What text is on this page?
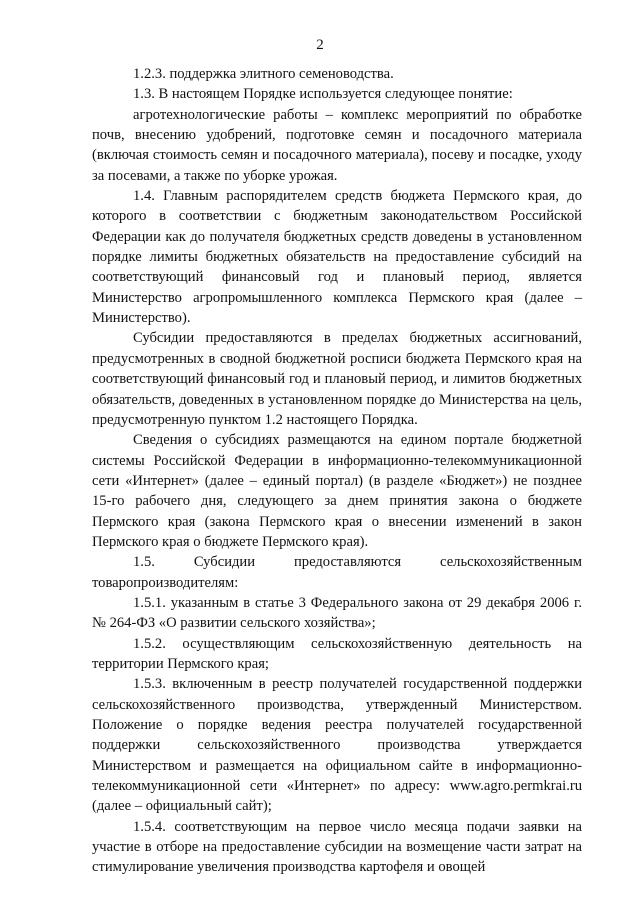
2

1.2.3. поддержка элитного семеноводства.

1.3. В настоящем Порядке используется следующее понятие:

агротехнологические работы – комплекс мероприятий по обработке почв, внесению удобрений, подготовке семян и посадочного материала (включая стоимость семян и посадочного материала), посеву и посадке, уходу за посевами, а также по уборке урожая.

1.4. Главным распорядителем средств бюджета Пермского края, до которого в соответствии с бюджетным законодательством Российской Федерации как до получателя бюджетных средств доведены в установленном порядке лимиты бюджетных обязательств на предоставление субсидий на соответствующий финансовый год и плановый период, является Министерство агропромышленного комплекса Пермского края (далее – Министерство).

Субсидии предоставляются в пределах бюджетных ассигнований, предусмотренных в сводной бюджетной росписи бюджета Пермского края на соответствующий финансовый год и плановый период, и лимитов бюджетных обязательств, доведенных в установленном порядке до Министерства на цель, предусмотренную пунктом 1.2 настоящего Порядка.

Сведения о субсидиях размещаются на едином портале бюджетной системы Российской Федерации в информационно-телекоммуникационной сети «Интернет» (далее – единый портал) (в разделе «Бюджет») не позднее 15-го рабочего дня, следующего за днем принятия закона о бюджете Пермского края (закона Пермского края о внесении изменений в закон Пермского края о бюджете Пермского края).

1.5. Субсидии предоставляются сельскохозяйственным товаропроизводителям:

1.5.1. указанным в статье 3 Федерального закона от 29 декабря 2006 г. № 264-ФЗ «О развитии сельского хозяйства»;

1.5.2. осуществляющим сельскохозяйственную деятельность на территории Пермского края;

1.5.3. включенным в реестр получателей государственной поддержки сельскохозяйственного производства, утвержденный Министерством. Положение о порядке ведения реестра получателей государственной поддержки сельскохозяйственного производства утверждается Министерством и размещается на официальном сайте в информационно-телекоммуникационной сети «Интернет» по адресу: www.agro.permkrai.ru (далее – официальный сайт);

1.5.4. соответствующим на первое число месяца подачи заявки на участие в отборе на предоставление субсидии на возмещение части затрат на стимулирование увеличения производства картофеля и овощей
